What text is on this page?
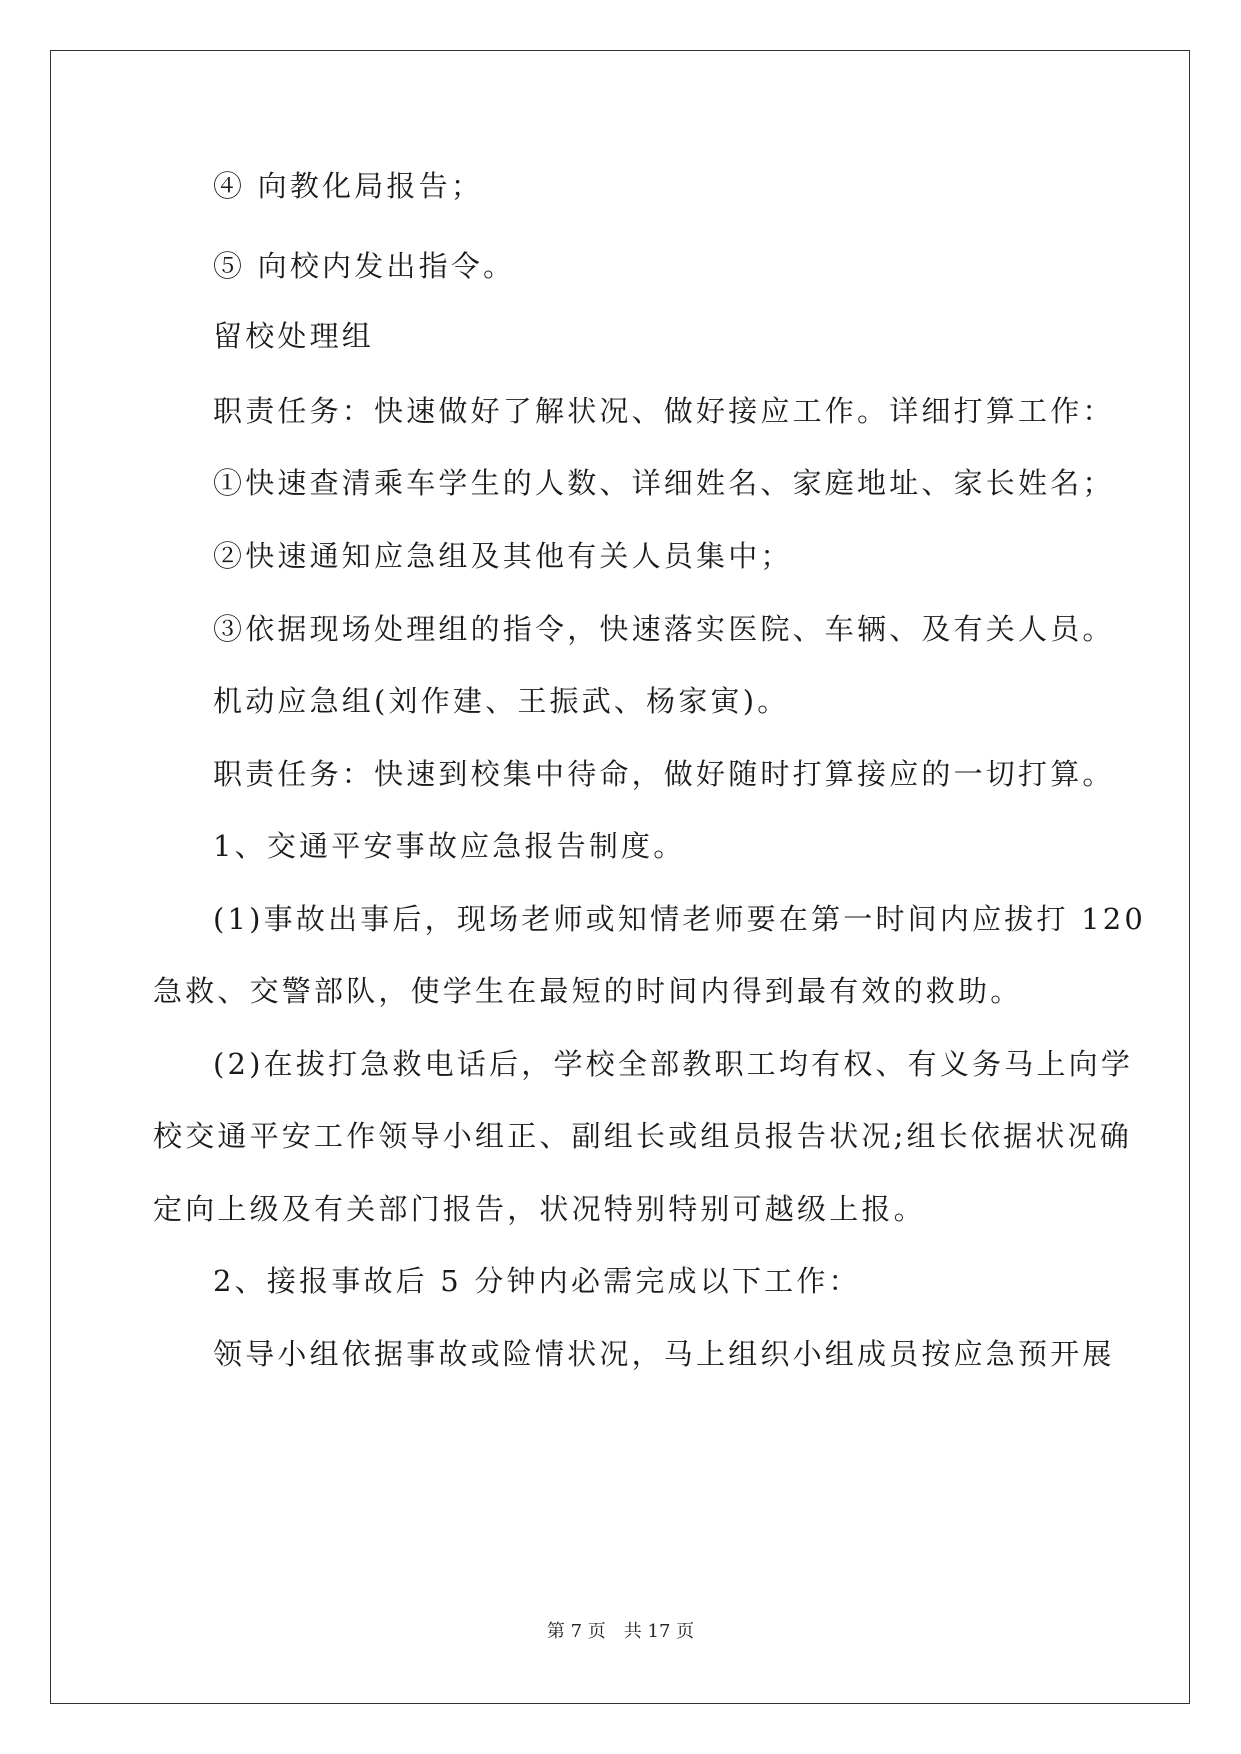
④ 向教化局报告；
⑤ 向校内发出指令。
留校处理组
职责任务：快速做好了解状况、做好接应工作。详细打算工作：
①快速查清乘车学生的人数、详细姓名、家庭地址、家长姓名；
②快速通知应急组及其他有关人员集中；
③依据现场处理组的指令，快速落实医院、车辆、及有关人员。
机动应急组(刘作建、王振武、杨家寅)。
职责任务：快速到校集中待命，做好随时打算接应的一切打算。
1、交通平安事故应急报告制度。
(1)事故出事后，现场老师或知情老师要在第一时间内应拔打 120
急救、交警部队，使学生在最短的时间内得到最有效的救助。
(2)在拔打急救电话后，学校全部教职工均有权、有义务马上向学
校交通平安工作领导小组正、副组长或组员报告状况;组长依据状况确
定向上级及有关部门报告，状况特别特别可越级上报。
2、接报事故后 5 分钟内必需完成以下工作：
领导小组依据事故或险情状况，马上组织小组成员按应急预开展
第 7 页 共 17 页
